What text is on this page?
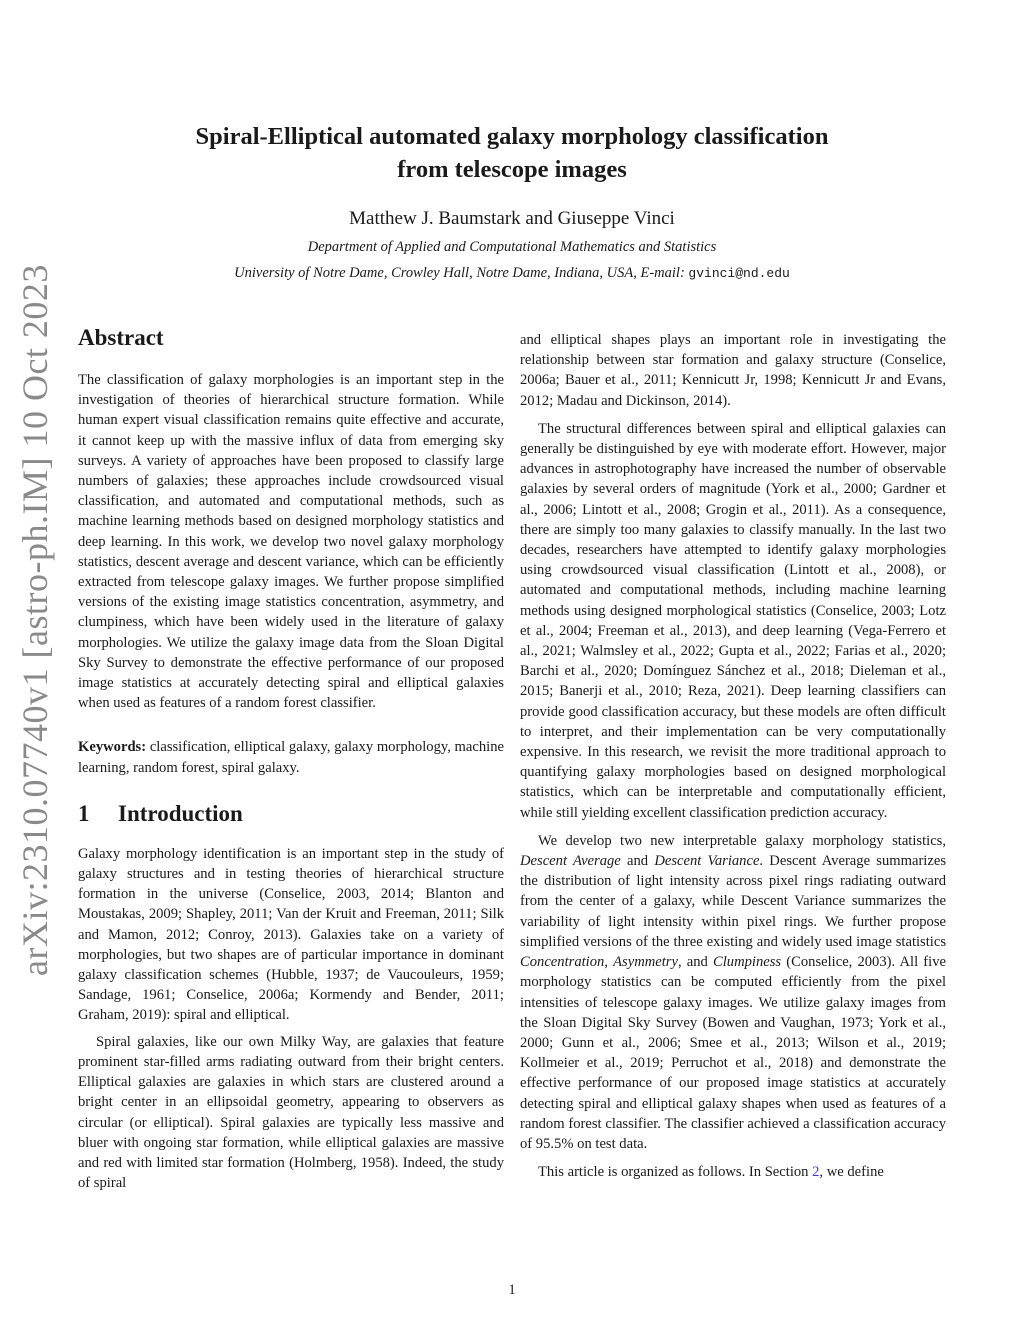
arXiv:2310.07740v1 [astro-ph.IM] 10 Oct 2023
Spiral-Elliptical automated galaxy morphology classification
from telescope images
Matthew J. Baumstark and Giuseppe Vinci
Department of Applied and Computational Mathematics and Statistics
University of Notre Dame, Crowley Hall, Notre Dame, Indiana, USA, E-mail: gvinci@nd.edu
Abstract

The classification of galaxy morphologies is an important step in the investigation of theories of hierarchical structure formation. While human expert visual classification remains quite effective and accurate, it cannot keep up with the massive influx of data from emerging sky surveys. A variety of approaches have been proposed to classify large numbers of galaxies; these approaches include crowdsourced visual classification, and automated and computational methods, such as machine learning methods based on designed morphology statistics and deep learning. In this work, we develop two novel galaxy morphology statistics, descent average and descent variance, which can be efficiently extracted from telescope galaxy images. We further propose simplified versions of the existing image statistics concentration, asymmetry, and clumpiness, which have been widely used in the literature of galaxy morphologies. We utilize the galaxy image data from the Sloan Digital Sky Survey to demonstrate the effective performance of our proposed image statistics at accurately detecting spiral and elliptical galaxies when used as features of a random forest classifier.

Keywords: classification, elliptical galaxy, galaxy morphology, machine learning, random forest, spiral galaxy.

1 Introduction

Galaxy morphology identification is an important step in the study of galaxy structures and in testing theories of hierarchical structure formation in the universe (Conselice, 2003, 2014; Blanton and Moustakas, 2009; Shapley, 2011; Van der Kruit and Freeman, 2011; Silk and Mamon, 2012; Conroy, 2013). Galaxies take on a variety of morphologies, but two shapes are of particular importance in dominant galaxy classification schemes (Hubble, 1937; de Vaucouleurs, 1959; Sandage, 1961; Conselice, 2006a; Kormendy and Bender, 2011; Graham, 2019): spiral and elliptical.

Spiral galaxies, like our own Milky Way, are galaxies that feature prominent star-filled arms radiating outward from their bright centers. Elliptical galaxies are galaxies in which stars are clustered around a bright center in an ellipsoidal geometry, appearing to observers as circular (or elliptical). Spiral galaxies are typically less massive and bluer with ongoing star formation, while elliptical galaxies are massive and red with limited star formation (Holmberg, 1958). Indeed, the study of spiral

and elliptical shapes plays an important role in investigating the relationship between star formation and galaxy structure (Conselice, 2006a; Bauer et al., 2011; Kennicutt Jr, 1998; Kennicutt Jr and Evans, 2012; Madau and Dickinson, 2014).

The structural differences between spiral and elliptical galaxies can generally be distinguished by eye with moderate effort. However, major advances in astrophotography have increased the number of observable galaxies by several orders of magnitude (York et al., 2000; Gardner et al., 2006; Lintott et al., 2008; Grogin et al., 2011). As a consequence, there are simply too many galaxies to classify manually. In the last two decades, researchers have attempted to identify galaxy morphologies using crowdsourced visual classification (Lintott et al., 2008), or automated and computational methods, including machine learning methods using designed morphological statistics (Conselice, 2003; Lotz et al., 2004; Freeman et al., 2013), and deep learning (Vega-Ferrero et al., 2021; Walmsley et al., 2022; Gupta et al., 2022; Farias et al., 2020; Barchi et al., 2020; Domínguez Sánchez et al., 2018; Dieleman et al., 2015; Banerji et al., 2010; Reza, 2021). Deep learning classifiers can provide good classification accuracy, but these models are often difficult to interpret, and their implementation can be very computationally expensive. In this research, we revisit the more traditional approach to quantifying galaxy morphologies based on designed morphological statistics, which can be interpretable and computationally efficient, while still yielding excellent classification prediction accuracy.

We develop two new interpretable galaxy morphology statistics, Descent Average and Descent Variance. Descent Average summarizes the distribution of light intensity across pixel rings radiating outward from the center of a galaxy, while Descent Variance summarizes the variability of light intensity within pixel rings. We further propose simplified versions of the three existing and widely used image statistics Concentration, Asymmetry, and Clumpiness (Conselice, 2003). All five morphology statistics can be computed efficiently from the pixel intensities of telescope galaxy images. We utilize galaxy images from the Sloan Digital Sky Survey (Bowen and Vaughan, 1973; York et al., 2000; Gunn et al., 2006; Smee et al., 2013; Wilson et al., 2019; Kollmeier et al., 2019; Perruchot et al., 2018) and demonstrate the effective performance of our proposed image statistics at accurately detecting spiral and elliptical galaxy shapes when used as features of a random forest classifier. The classifier achieved a classification accuracy of 95.5% on test data.

This article is organized as follows. In Section 2, we define

1
